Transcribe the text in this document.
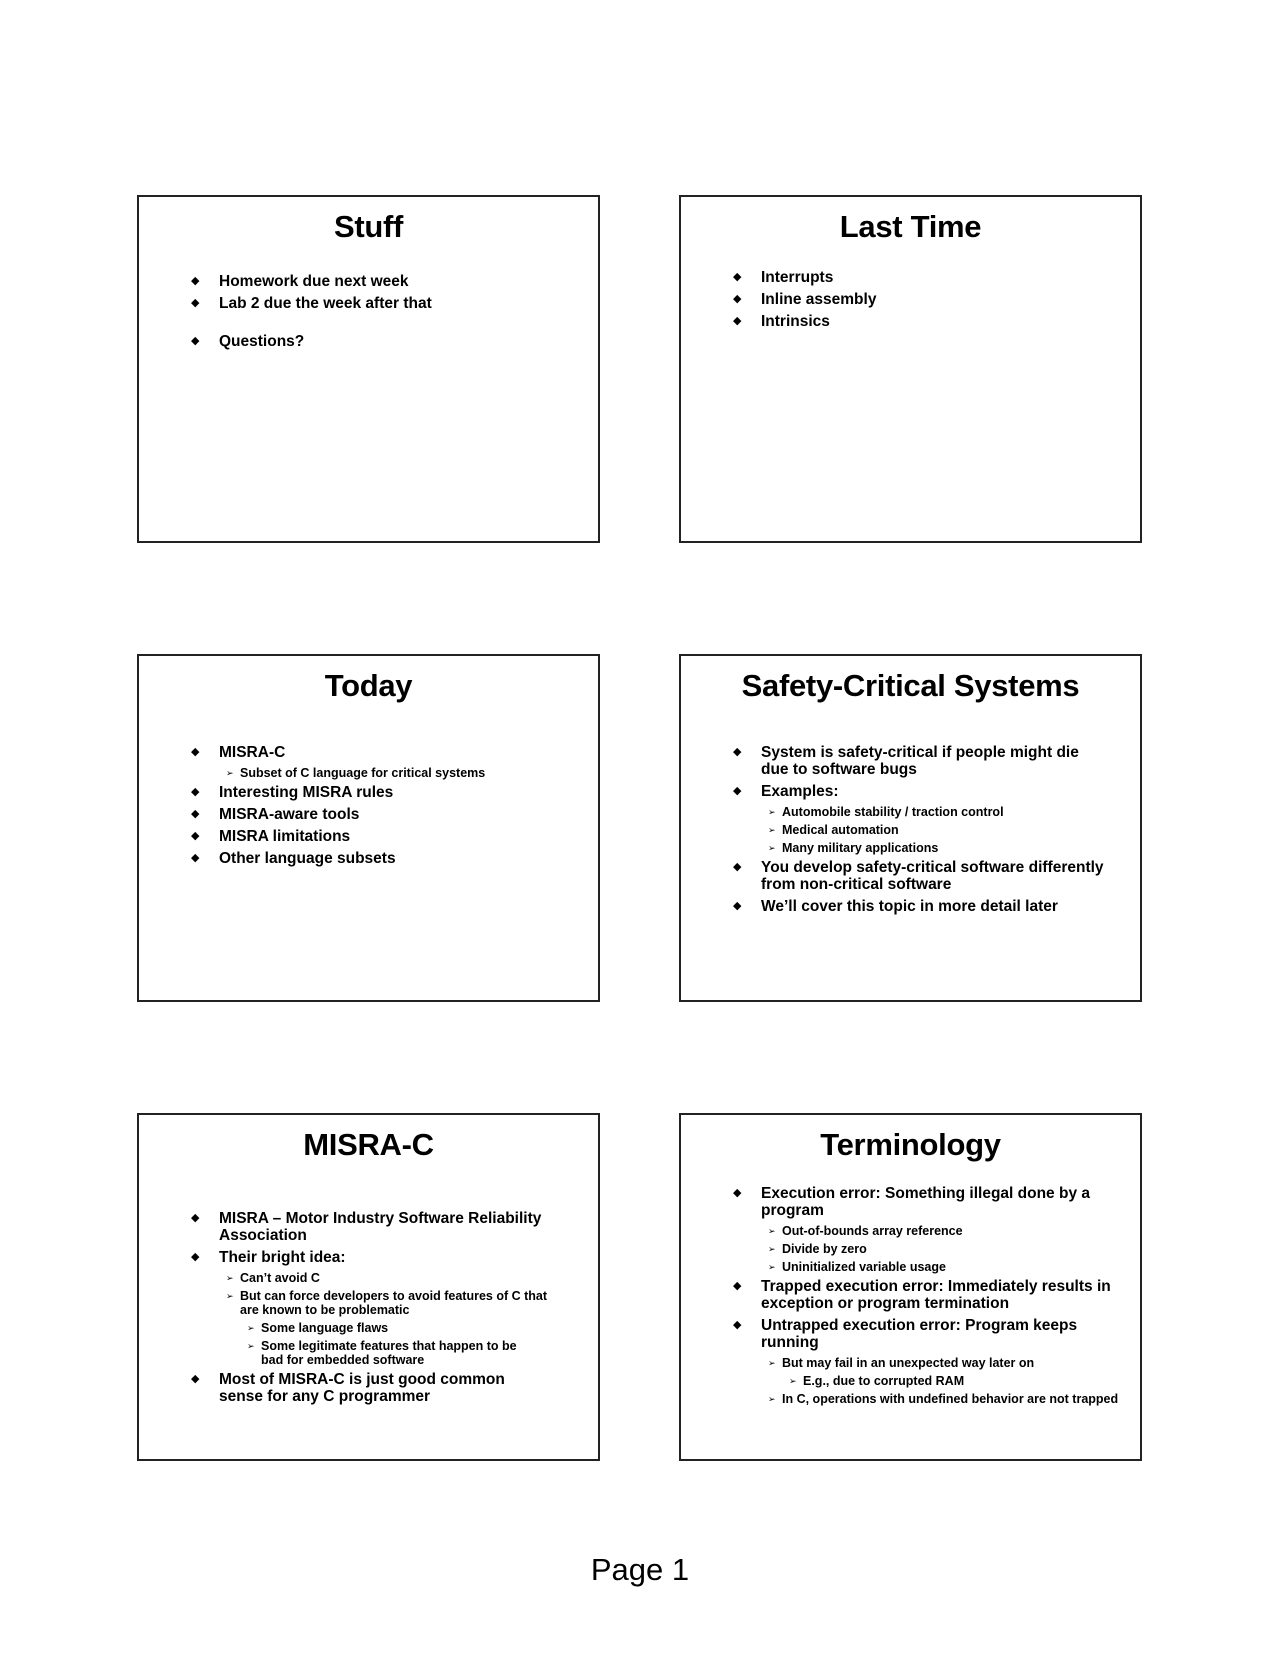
Stuff
◆ Homework due next week
◆ Lab 2 due the week after that
◆ Questions?
Last Time
◆ Interrupts
◆ Inline assembly
◆ Intrinsics
Today
◆ MISRA-C
➢ Subset of C language for critical systems
◆ Interesting MISRA rules
◆ MISRA-aware tools
◆ MISRA limitations
◆ Other language subsets
Safety-Critical Systems
◆ System is safety-critical if people might die due to software bugs
◆ Examples:
➢ Automobile stability / traction control
➢ Medical automation
➢ Many military applications
◆ You develop safety-critical software differently from non-critical software
◆ We’ll cover this topic in more detail later
MISRA-C
◆ MISRA – Motor Industry Software Reliability Association
◆ Their bright idea:
➢ Can’t avoid C
➢ But can force developers to avoid features of C that are known to be problematic
➢ Some language flaws
➢ Some legitimate features that happen to be bad for embedded software
◆ Most of MISRA-C is just good common sense for any C programmer
Terminology
◆ Execution error: Something illegal done by a program
➢ Out-of-bounds array reference
➢ Divide by zero
➢ Uninitialized variable usage
◆ Trapped execution error: Immediately results in exception or program termination
◆ Untrapped execution error: Program keeps running
➢ But may fail in an unexpected way later on
➢ E.g., due to corrupted RAM
➢ In C, operations with undefined behavior are not trapped
Page 1
